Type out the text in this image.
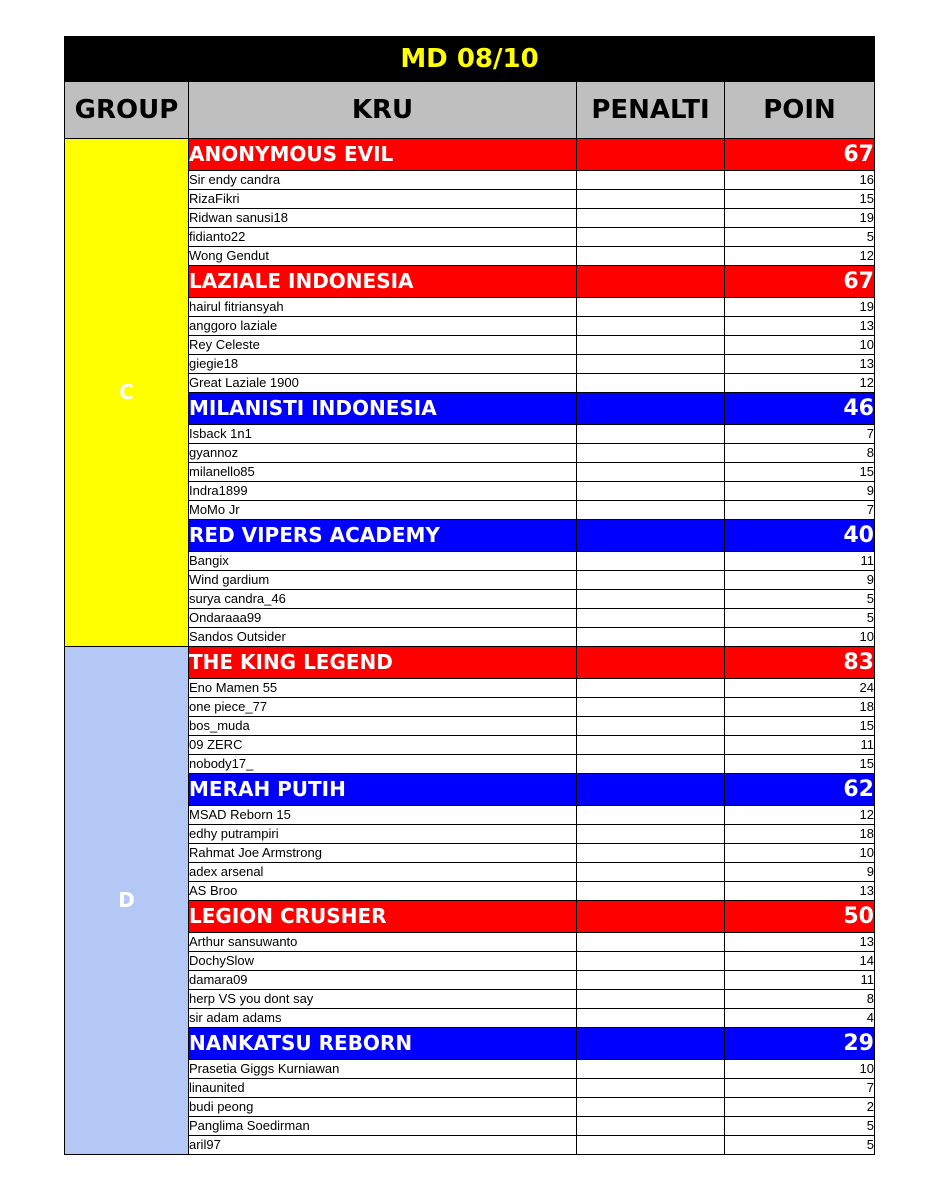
MD 08/10			
GROUP	KRU	PENALTI	POIN
C	ANONYMOUS EVIL		67
	Sir endy candra		16
	RizaFikri		15
	Ridwan sanusi18		19
	fidianto22		5
	Wong Gendut		12
	LAZIALE INDONESIA		67
	hairul fitriansyah		19
	anggoro laziale		13
	Rey Celeste		10
	giegie18		13
	Great Laziale 1900		12
	MILANISTI INDONESIA		46
	Isback 1n1		7
	gyannoz		8
	milanello85		15
	Indra1899		9
	MoMo Jr		7
	RED VIPERS ACADEMY		40
	Bangix		11
	Wind gardium		9
	surya candra_46		5
	Ondaraaa99		5
	Sandos Outsider		10
D	THE KING LEGEND		83
	Eno Mamen 55		24
	one piece_77		18
	bos_muda		15
	09 ZERC		11
	nobody17_		15
	MERAH PUTIH		62
	MSAD Reborn 15		12
	edhy putrampiri		18
	Rahmat Joe Armstrong		10
	adex arsenal		9
	AS Broo		13
	LEGION CRUSHER		50
	Arthur sansuwanto		13
	DochySlow		14
	damara09		11
	herp VS you dont say		8
	sir adam adams		4
	NANKATSU REBORN		29
	Prasetia Giggs Kurniawan		10
	linaunited		7
	budi peong		2
	Panglima Soedirman		5
	aril97		5
